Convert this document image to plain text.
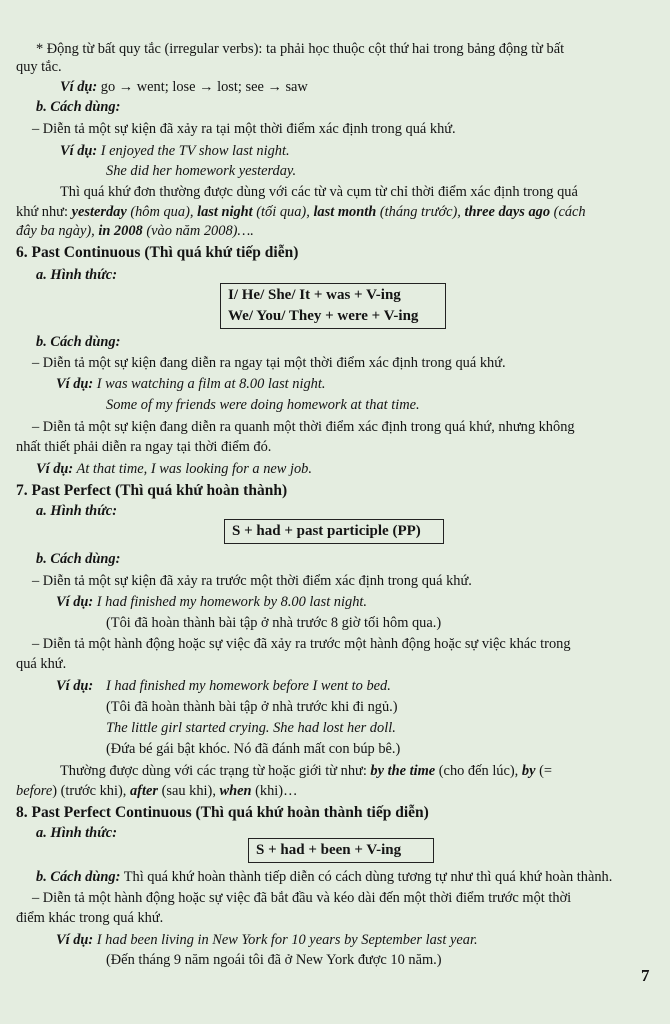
* Động từ bất quy tắc (irregular verbs): ta phải học thuộc cột thứ hai trong bảng động từ bất
quy tắc.
Ví dụ: go → went; lose → lost; see → saw
b. Cách dùng:
– Diễn tả một sự kiện đã xảy ra tại một thời điểm xác định trong quá khứ.
Ví dụ: I enjoyed the TV show last night.
She did her homework yesterday.
Thì quá khứ đơn thường được dùng với các từ và cụm từ chỉ thời điểm xác định trong quá
khứ như: yesterday (hôm qua), last night (tối qua), last month (tháng trước), three days ago (cách
đây ba ngày), in 2008 (vào năm 2008)….
6. Past Continuous (Thì quá khứ tiếp diễn)
a. Hình thức:
I/ He/ She/ It + was + V-ing
We/ You/ They + were + V-ing
b. Cách dùng:
– Diễn tả một sự kiện đang diễn ra ngay tại một thời điểm xác định trong quá khứ.
Ví dụ: I was watching a film at 8.00 last night.
Some of my friends were doing homework at that time.
– Diễn tả một sự kiện đang diễn ra quanh một thời điểm xác định trong quá khứ, nhưng không
nhất thiết phải diễn ra ngay tại thời điểm đó.
Ví dụ: At that time, I was looking for a new job.
7. Past Perfect (Thì quá khứ hoàn thành)
a. Hình thức:
S + had + past participle (PP)
b. Cách dùng:
– Diễn tả một sự kiện đã xảy ra trước một thời điểm xác định trong quá khứ.
Ví dụ: I had finished my homework by 8.00 last night.
(Tôi đã hoàn thành bài tập ở nhà trước 8 giờ tối hôm qua.)
– Diễn tả một hành động hoặc sự việc đã xảy ra trước một hành động hoặc sự việc khác trong
quá khứ.
Ví dụ: I had finished my homework before I went to bed.
(Tôi đã hoàn thành bài tập ở nhà trước khi đi ngủ.)
The little girl started crying. She had lost her doll.
(Đứa bé gái bật khóc. Nó đã đánh mất con búp bê.)
Thường được dùng với các trạng từ hoặc giới từ như: by the time (cho đến lúc), by (=
before) (trước khi), after (sau khi), when (khi)…
8. Past Perfect Continuous (Thì quá khứ hoàn thành tiếp diễn)
a. Hình thức:
S + had + been + V-ing
b. Cách dùng: Thì quá khứ hoàn thành tiếp diễn có cách dùng tương tự như thì quá khứ hoàn thành.
– Diễn tả một hành động hoặc sự việc đã bắt đầu và kéo dài đến một thời điểm trước một thời
điểm khác trong quá khứ.
Ví dụ: I had been living in New York for 10 years by September last year.
(Đến tháng 9 năm ngoái tôi đã ở New York được 10 năm.)
7
